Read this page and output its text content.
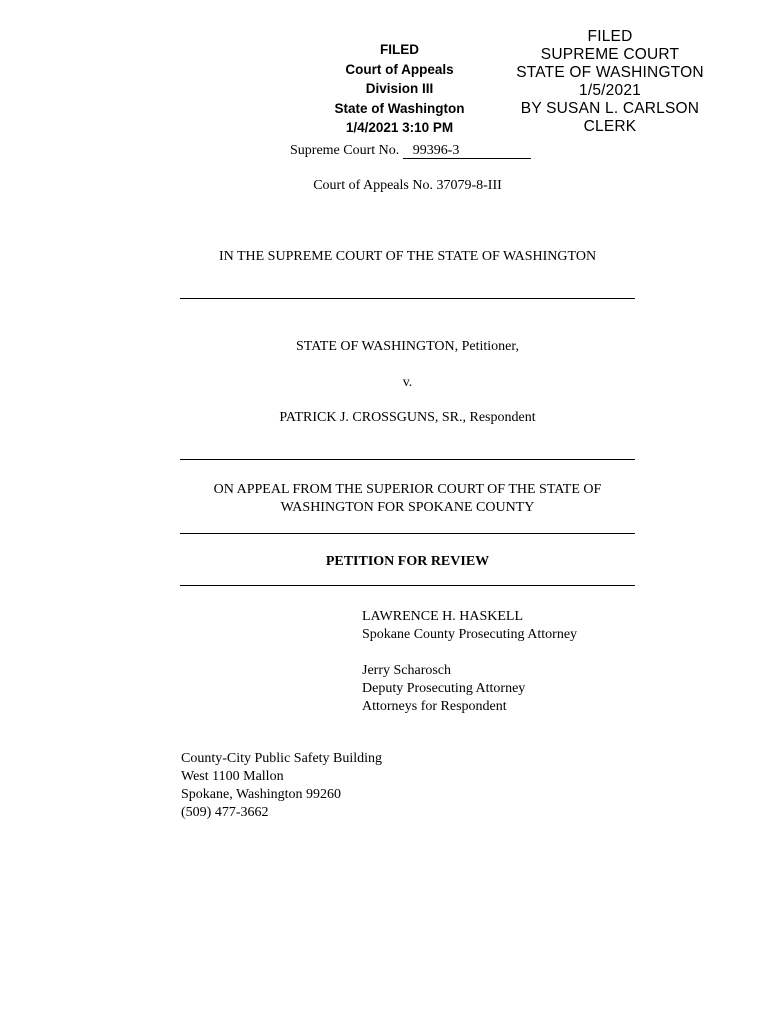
FILED
Court of Appeals
Division III
State of Washington
1/4/2021 3:10 PM
FILED
SUPREME COURT
STATE OF WASHINGTON
1/5/2021
BY SUSAN L. CARLSON
CLERK
Supreme Court No. 99396-3
Court of Appeals No. 37079-8-III
IN THE SUPREME COURT OF THE STATE OF WASHINGTON
STATE OF WASHINGTON, Petitioner,
v.
PATRICK J. CROSSGUNS, SR., Respondent
ON APPEAL FROM THE SUPERIOR COURT OF THE STATE OF
WASHINGTON FOR SPOKANE COUNTY
PETITION FOR REVIEW
LAWRENCE H. HASKELL
Spokane County Prosecuting Attorney
Jerry Scharosch
Deputy Prosecuting Attorney
Attorneys for Respondent
County-City Public Safety Building
West 1100 Mallon
Spokane, Washington 99260
(509) 477-3662
